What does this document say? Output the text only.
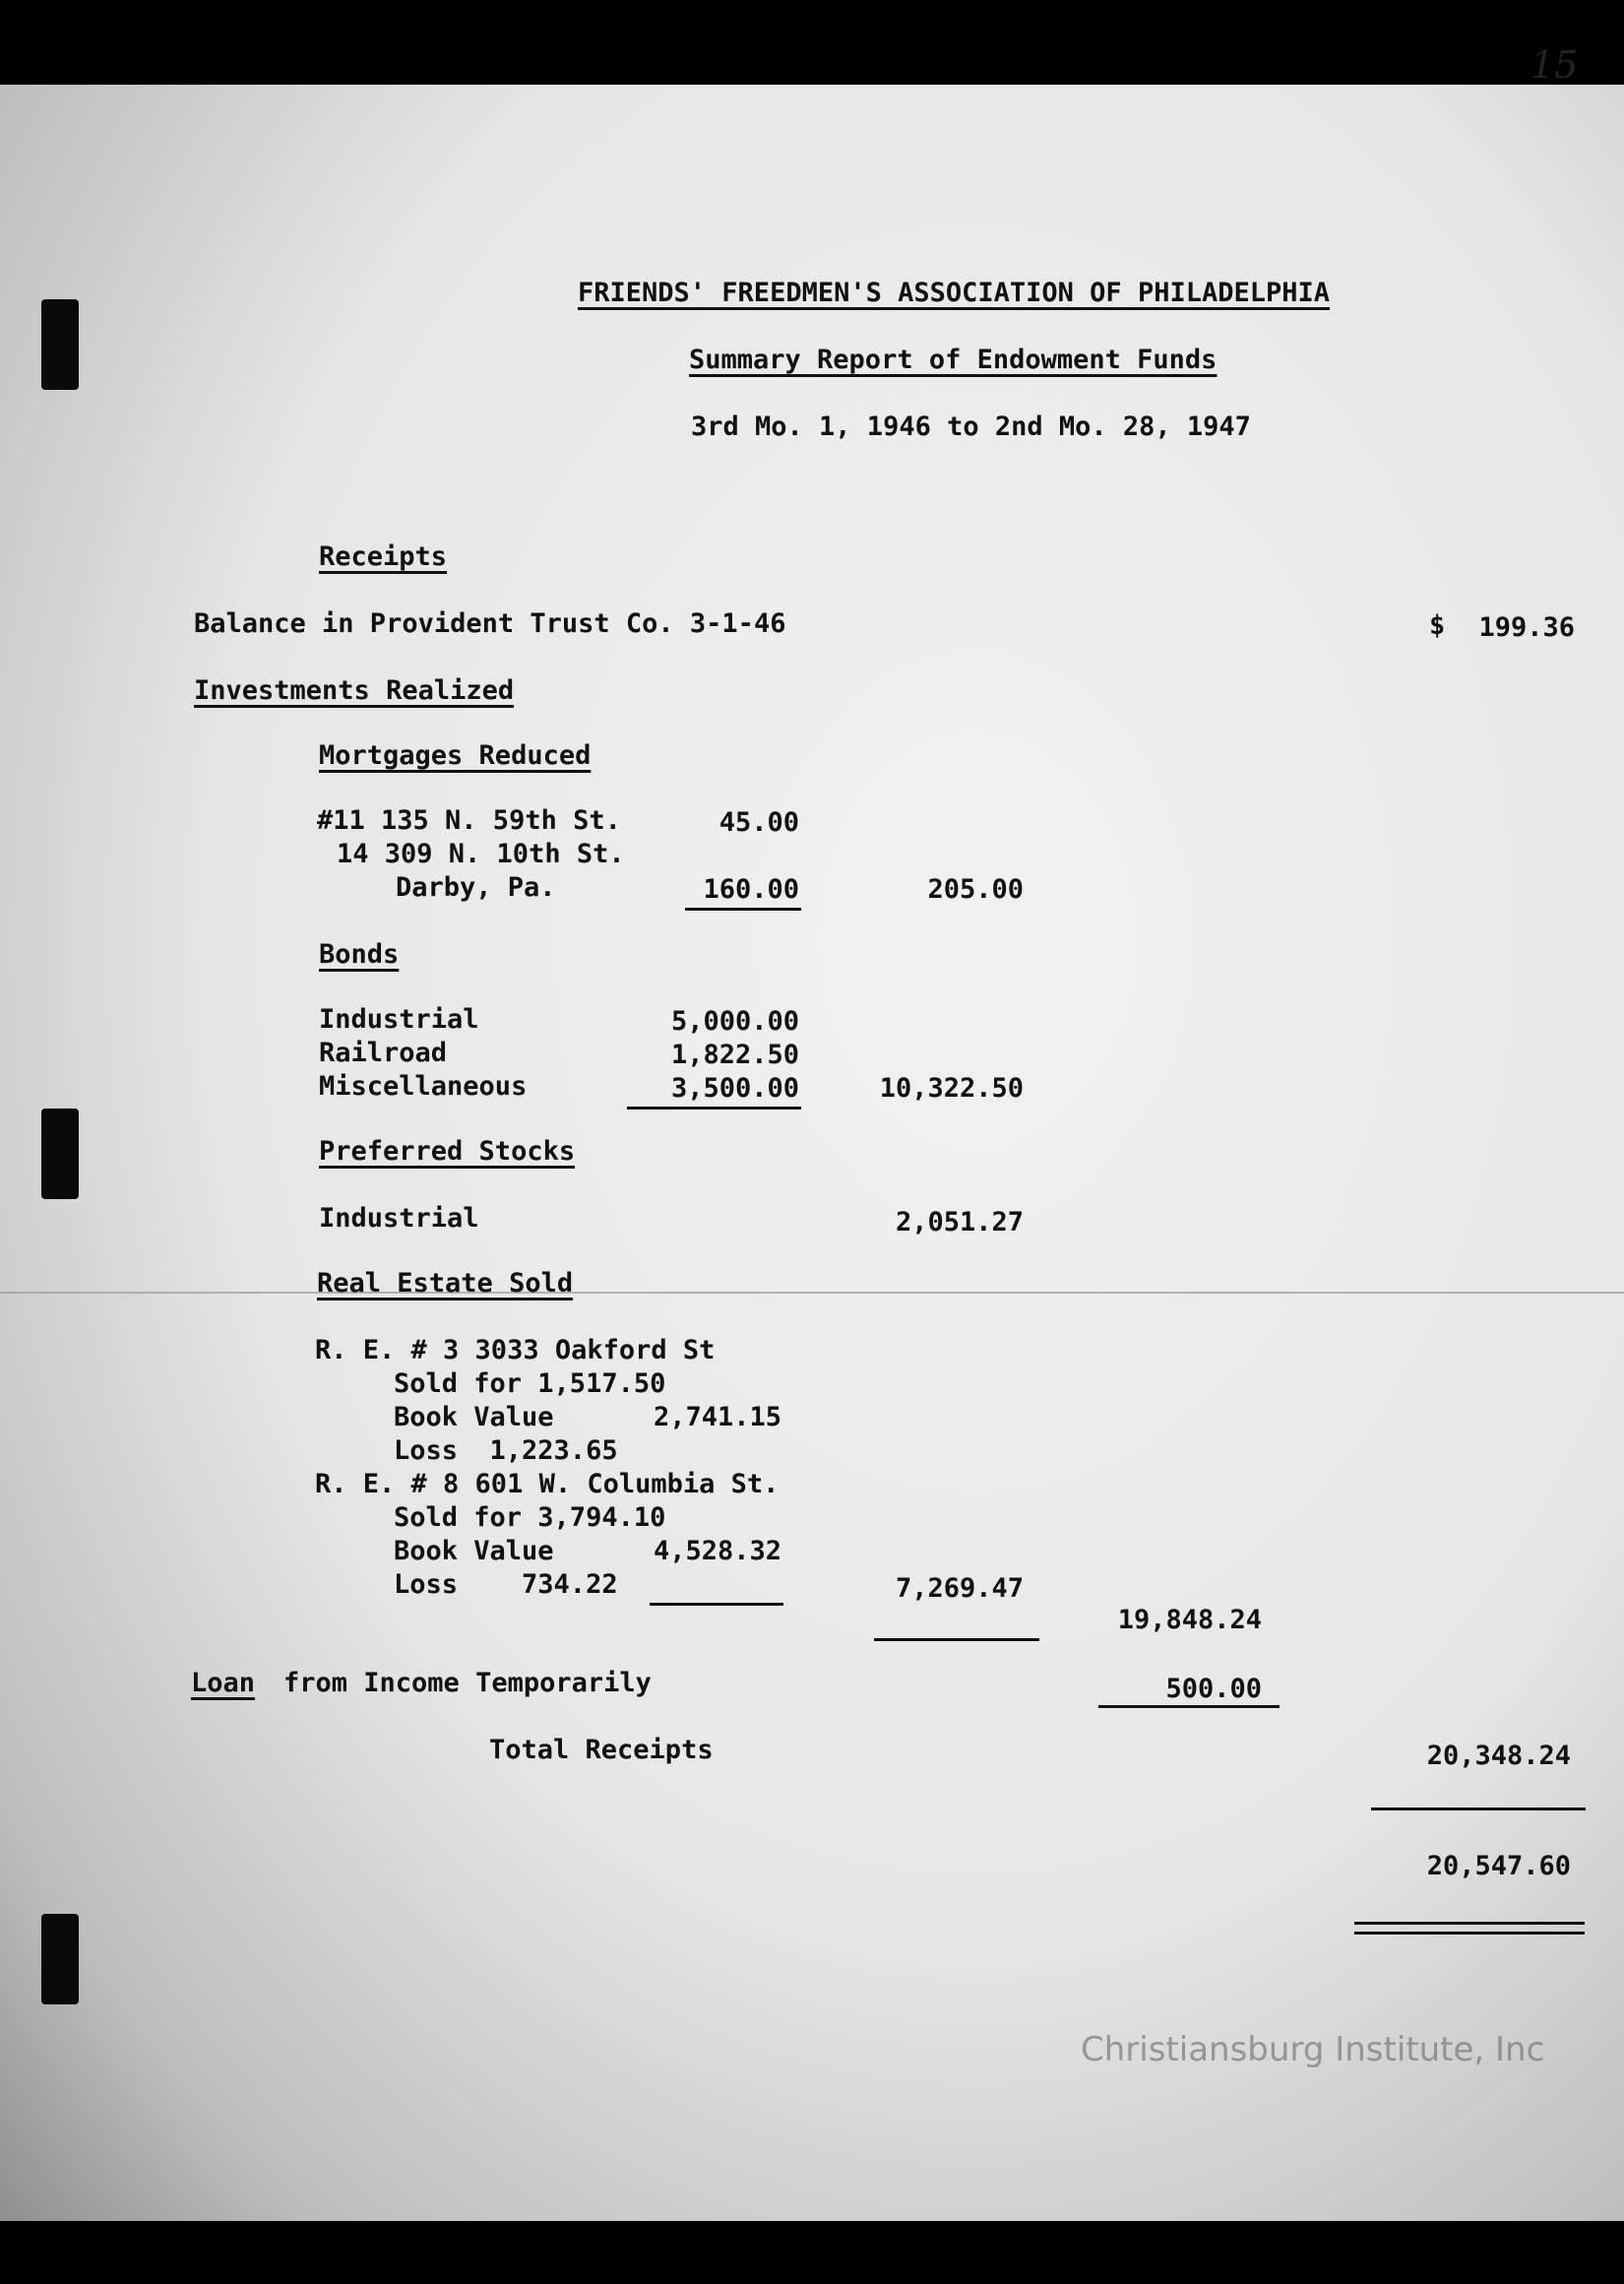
15
FRIENDS' FREEDMEN'S ASSOCIATION OF PHILADELPHIA
Summary Report of Endowment Funds
3rd Mo. 1, 1946 to 2nd Mo. 28, 1947
Receipts
Balance in Provident Trust Co. 3-1-46	$	199.36
Investments Realized
Mortgages Reduced
#11 135 N. 59th St.	45.00
14 309 N. 10th St.
Darby, Pa.	160.00	205.00
Bonds
Industrial	5,000.00
Railroad	1,822.50
Miscellaneous	3,500.00	10,322.50
Preferred Stocks
Industrial	2,051.27
Real Estate Sold
R. E. # 3 3033 Oakford St
Sold for 1,517.50
Book Value	2,741.15
Loss  1,223.65
R. E. # 8 601 W. Columbia St.
Sold for 3,794.10
Book Value	4,528.32
Loss    734.22	7,269.47
19,848.24
Loan from Income Temporarily	500.00
Total Receipts	20,348.24
20,547.60
Christiansburg Institute, Inc
